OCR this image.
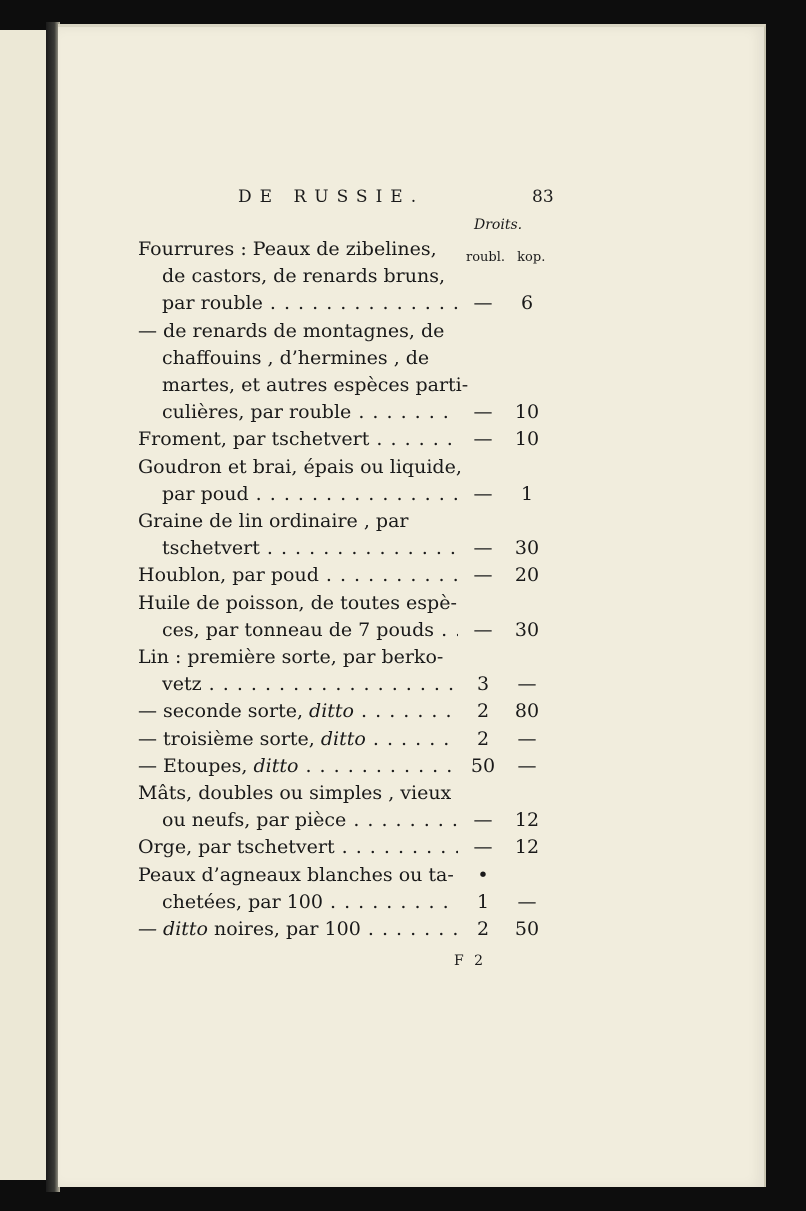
DE RUSSIE.	83
Droits.
roubl. kop.
Fourrures : Peaux de zibelines,
de castors, de renards bruns,
par rouble . . .	—	6
— de renards de montagnes, de
chaffouins , d’hermines , de
martes, et autres espèces parti-
culières, par rouble . . .	—	10
Froment, par tschetvert . . .	—	10
Goudron et brai, épais ou liquide,
par poud . . .	—	1
Graine de lin ordinaire , par
tschetvert . . .	—	30
Houblon, par poud . . .	—	20
Huile de poisson, de toutes espè-
ces, par tonneau de 7 pouds . . .	—	30
Lin : première sorte, par berko-
vetz . . .	3	—
— seconde sorte, ditto . . .	2	80
— troisième sorte, ditto . . .	2	—
— Etoupes, ditto . . .	50	—
Mâts, doubles ou simples , vieux
ou neufs, par pièce . . .	—	12
Orge, par tschetvert . . .	—	12
Peaux d’agneaux blanches ou ta-	•
chetées, par 100 . . .	1	—
— ditto noires, par 100 . . .	2	50
F 2
